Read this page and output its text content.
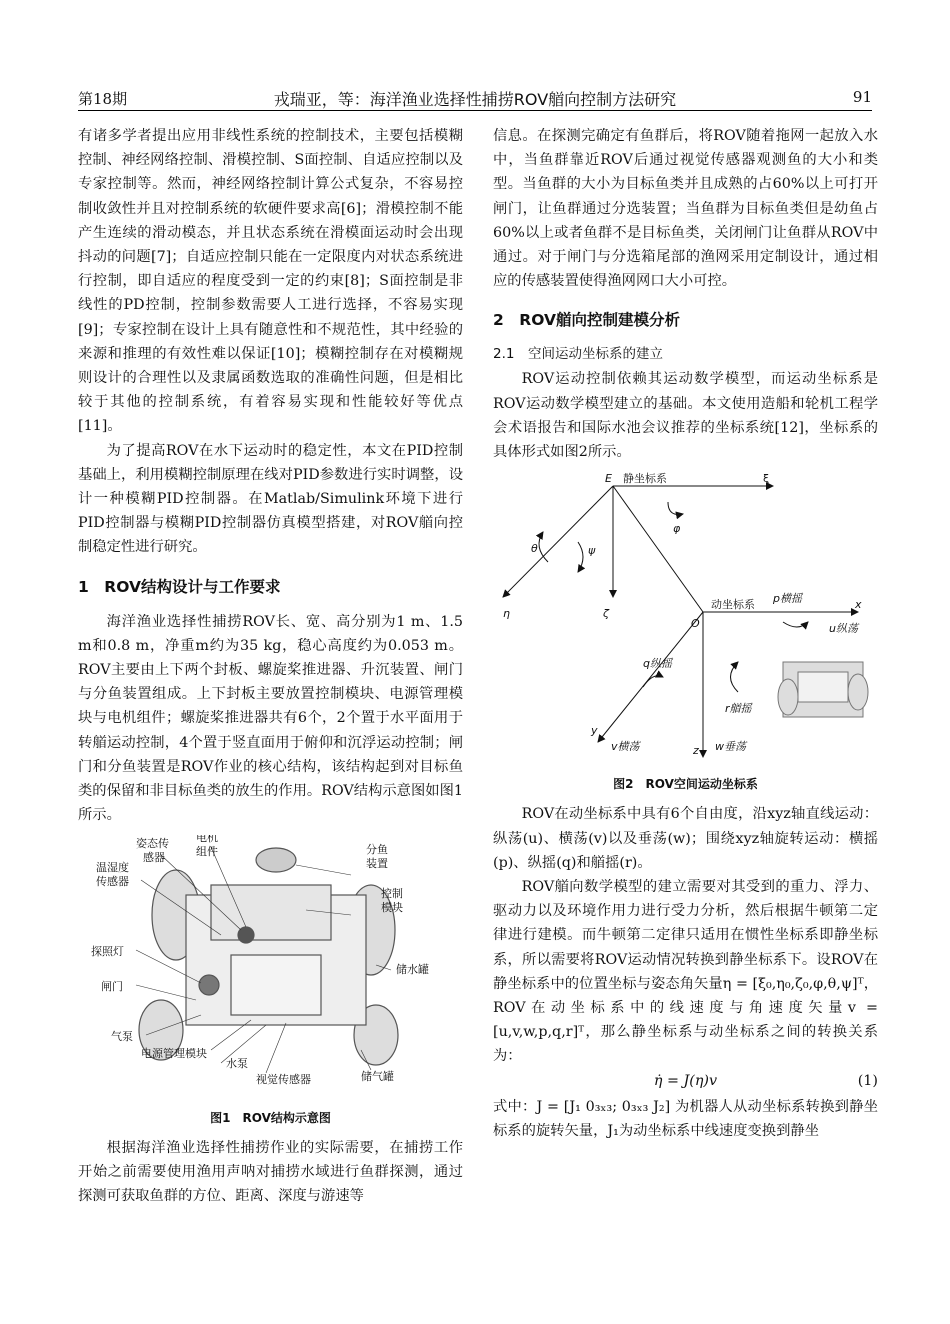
第18期	戎瑞亚，等：海洋渔业选择性捕捞ROV艏向控制方法研究	91

有诸多学者提出应用非线性系统的控制技术，主要包括模糊控制、神经网络控制、滑模控制、S面控制、自适应控制以及专家控制等。然而，神经网络控制计算公式复杂，不容易控制收敛性并且对控制系统的软硬件要求高[6]；滑模控制不能产生连续的滑动模态，并且状态系统在滑模面运动时会出现抖动的问题[7]；自适应控制只能在一定限度内对状态系统进行控制，即自适应的程度受到一定的约束[8]；S面控制是非线性的PD控制，控制参数需要人工进行选择，不容易实现[9]；专家控制在设计上具有随意性和不规范性，其中经验的来源和推理的有效性难以保证[10]；模糊控制存在对模糊规则设计的合理性以及隶属函数选取的准确性问题，但是相比较于其他的控制系统，有着容易实现和性能较好等优点[11]。

为了提高ROV在水下运动时的稳定性，本文在PID控制基础上，利用模糊控制原理在线对PID参数进行实时调整，设计一种模糊PID控制器。在Matlab/Simulink环境下进行PID控制器与模糊PID控制器仿真模型搭建，对ROV艏向控制稳定性进行研究。

1　ROV结构设计与工作要求

海洋渔业选择性捕捞ROV长、宽、高分别为1 m、1.5 m和0.8 m，净重m约为35 kg，稳心高度约为0.053 m。ROV主要由上下两个封板、螺旋桨推进器、升沉装置、闸门与分鱼装置组成。上下封板主要放置控制模块、电源管理模块与电机组件；螺旋桨推进器共有6个，2个置于水平面用于转艏运动控制，4个置于竖直面用于俯仰和沉浮运动控制；闸门和分鱼装置是ROV作业的核心结构，该结构起到对目标鱼类的保留和非目标鱼类的放生的作用。ROV结构示意图如图1所示。

姿态传
感器
电机
组件	分鱼
装置
温湿度
传感器
控制
模块
探照灯
储水罐
闸门
气泵
电源管理模块
水泵
视觉传感器	储气罐
图1　ROV结构示意图

根据海洋渔业选择性捕捞作业的实际需要，在捕捞工作开始之前需要使用渔用声呐对捕捞水域进行鱼群探测，通过探测可获取鱼群的方位、距离、深度与游速等

信息。在探测完确定有鱼群后，将ROV随着拖网一起放入水中，当鱼群靠近ROV后通过视觉传感器观测鱼的大小和类型。当鱼群的大小为目标鱼类并且成熟的占60%以上可打开闸门，让鱼群通过分选装置；当鱼群为目标鱼类但是幼鱼占60%以上或者鱼群不是目标鱼类，关闭闸门让鱼群从ROV中通过。对于闸门与分选箱尾部的渔网采用定制设计，通过相应的传感装置使得渔网网口大小可控。

2　ROV艏向控制建模分析
2.1　空间运动坐标系的建立

ROV运动控制依赖其运动数学模型，而运动坐标系是ROV运动数学模型建立的基础。本文使用造船和轮机工程学会术语报告和国际水池会议推荐的坐标系统[12]，坐标系的具体形式如图2所示。

E 静坐标系	ξ
φ
θ	ψ
η	ζ
O
动坐标系 p横摇	x
u纵荡
q纵摇
r艏摇
y
v横荡	z w垂荡
图2　ROV空间运动坐标系

ROV在动坐标系中具有6个自由度，沿xyz轴直线运动：纵荡(u)、横荡(v)以及垂荡(w)；围绕xyz轴旋转运动：横摇(p)、纵摇(q)和艏摇(r)。

ROV艏向数学模型的建立需要对其受到的重力、浮力、驱动力以及环境作用力进行受力分析，然后根据牛顿第二定律进行建模。而牛顿第二定律只适用在惯性坐标系即静坐标系，所以需要将ROV运动情况转换到静坐标系下。设ROV在静坐标系中的位置坐标与姿态角矢量η = [ξ₀,η₀,ζ₀,φ,θ,ψ]ᵀ，ROV在动坐标系中的线速度与角速度矢量v = [u,v,w,p,q,r]ᵀ，那么静坐标系与动坐标系之间的转换关系为：

η̇ = J(η)v	(1)

式中：J = [J₁ 0₃ₓ₃; 0₃ₓ₃ J₂] 为机器人从动坐标系转换到静坐标系的旋转矢量，J₁为动坐标系中线速度变换到静坐
